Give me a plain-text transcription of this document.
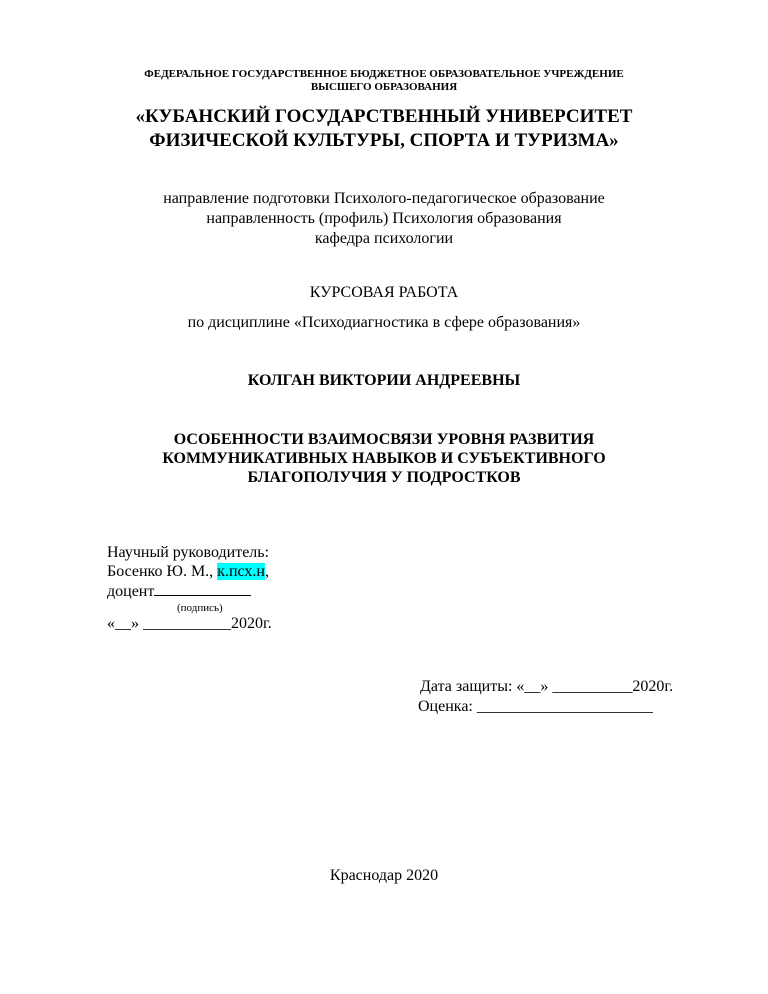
ФЕДЕРАЛЬНОЕ ГОСУДАРСТВЕННОЕ БЮДЖЕТНОЕ ОБРАЗОВАТЕЛЬНОЕ УЧРЕЖДЕНИЕ
ВЫСШЕГО ОБРАЗОВАНИЯ
«КУБАНСКИЙ ГОСУДАРСТВЕННЫЙ УНИВЕРСИТЕТ
ФИЗИЧЕСКОЙ КУЛЬТУРЫ, СПОРТА И ТУРИЗМА»
направление подготовки Психолого-педагогическое образование
направленность (профиль) Психология образования
кафедра психологии
КУРСОВАЯ РАБОТА
по дисциплине «Психодиагностика в сфере образования»
КОЛГАН ВИКТОРИИ АНДРЕЕВНЫ
ОСОБЕННОСТИ ВЗАИМОСВЯЗИ УРОВНЯ РАЗВИТИЯ
КОММУНИКАТИВНЫХ НАВЫКОВ И СУБЪЕКТИВНОГО
БЛАГОПОЛУЧИЯ У ПОДРОСТКОВ
Научный руководитель:
Босенко Ю. М., к.псх.н,
доцент
(подпись)
«__» ___________2020г.
Дата защиты: «__» __________2020г.
Оценка: ______________________
Краснодар 2020
